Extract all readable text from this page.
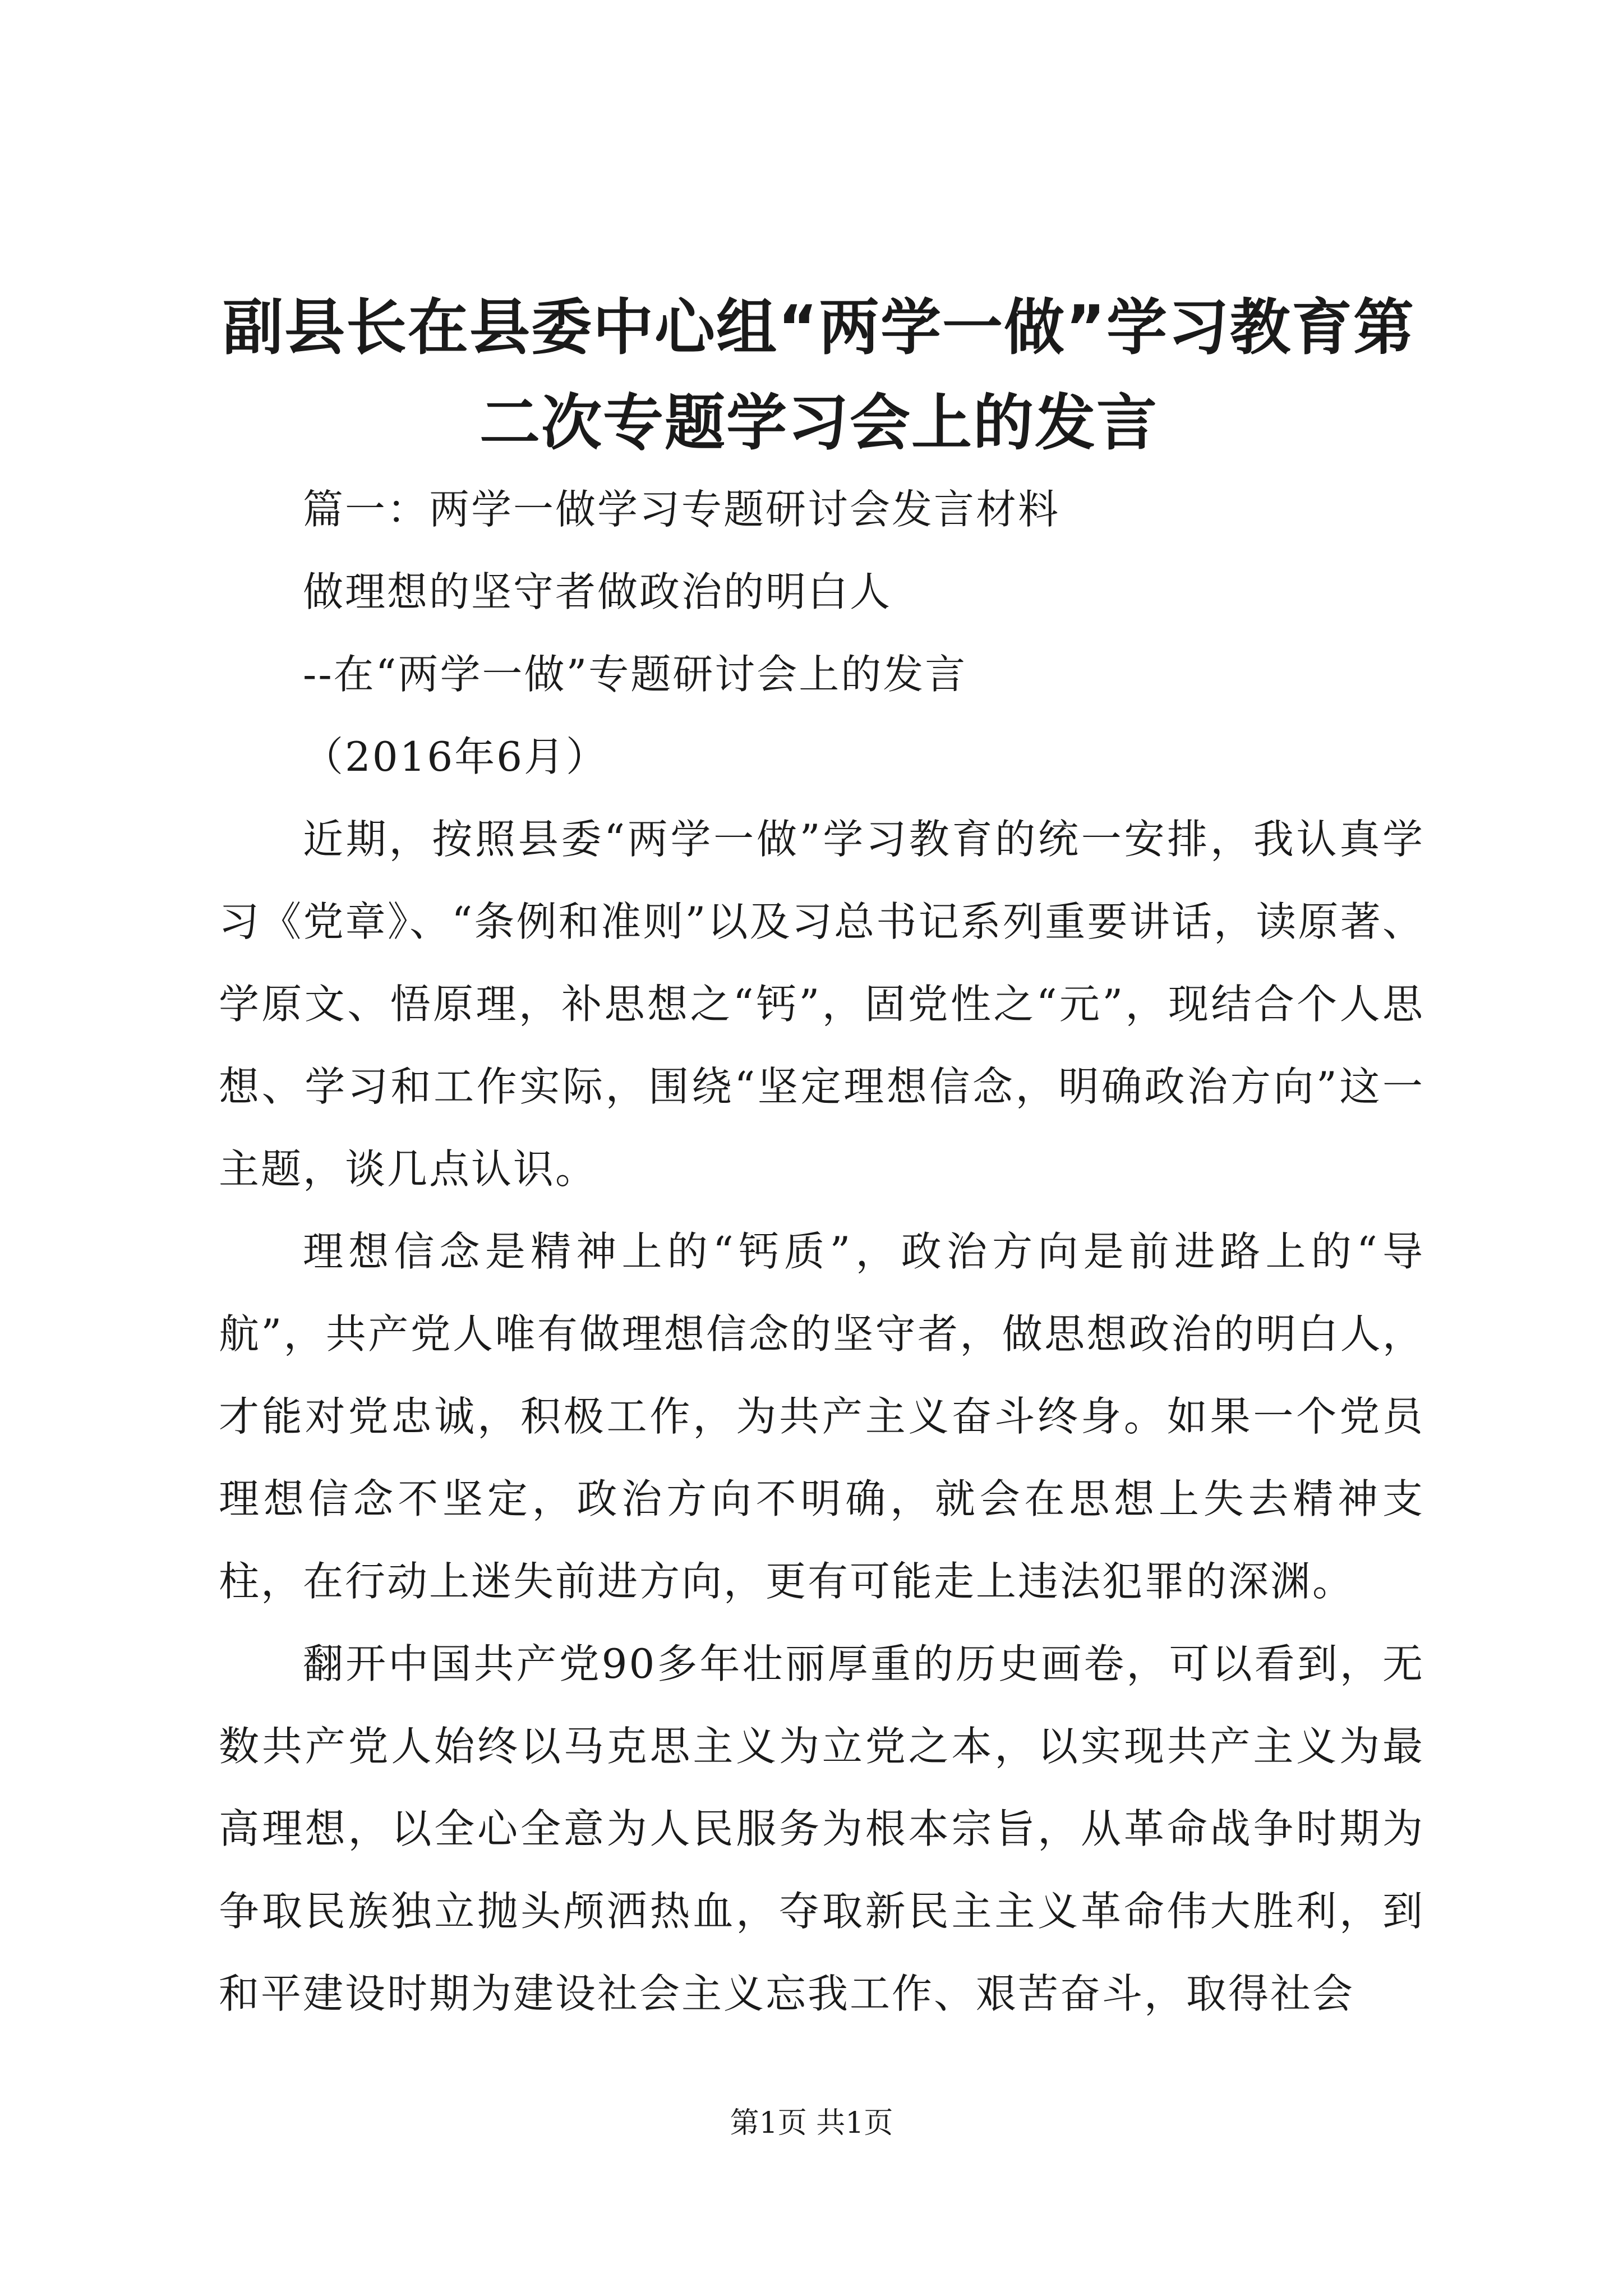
副县长在县委中心组“两学一做”学习教育第
二次专题学习会上的发言

篇一：两学一做学习专题研讨会发言材料

做理想的坚守者做政治的明白人

--在“两学一做”专题研讨会上的发言

（2016年6月）

近期，按照县委“两学一做”学习教育的统一安排，我认真学习《党章》、“条例和准则”以及习总书记系列重要讲话，读原著、学原文、悟原理，补思想之“钙”，固党性之“元”，现结合个人思想、学习和工作实际，围绕“坚定理想信念，明确政治方向”这一主题，谈几点认识。

理想信念是精神上的“钙质”，政治方向是前进路上的“导航”，共产党人唯有做理想信念的坚守者，做思想政治的明白人，才能对党忠诚，积极工作，为共产主义奋斗终身。如果一个党员理想信念不坚定，政治方向不明确，就会在思想上失去精神支柱，在行动上迷失前进方向，更有可能走上违法犯罪的深渊。

翻开中国共产党90多年壮丽厚重的历史画卷，可以看到，无数共产党人始终以马克思主义为立党之本，以实现共产主义为最高理想，以全心全意为人民服务为根本宗旨，从革命战争时期为争取民族独立抛头颅洒热血，夺取新民主主义革命伟大胜利，到和平建设时期为建设社会主义忘我工作、艰苦奋斗，取得社会

第1页 共1页
